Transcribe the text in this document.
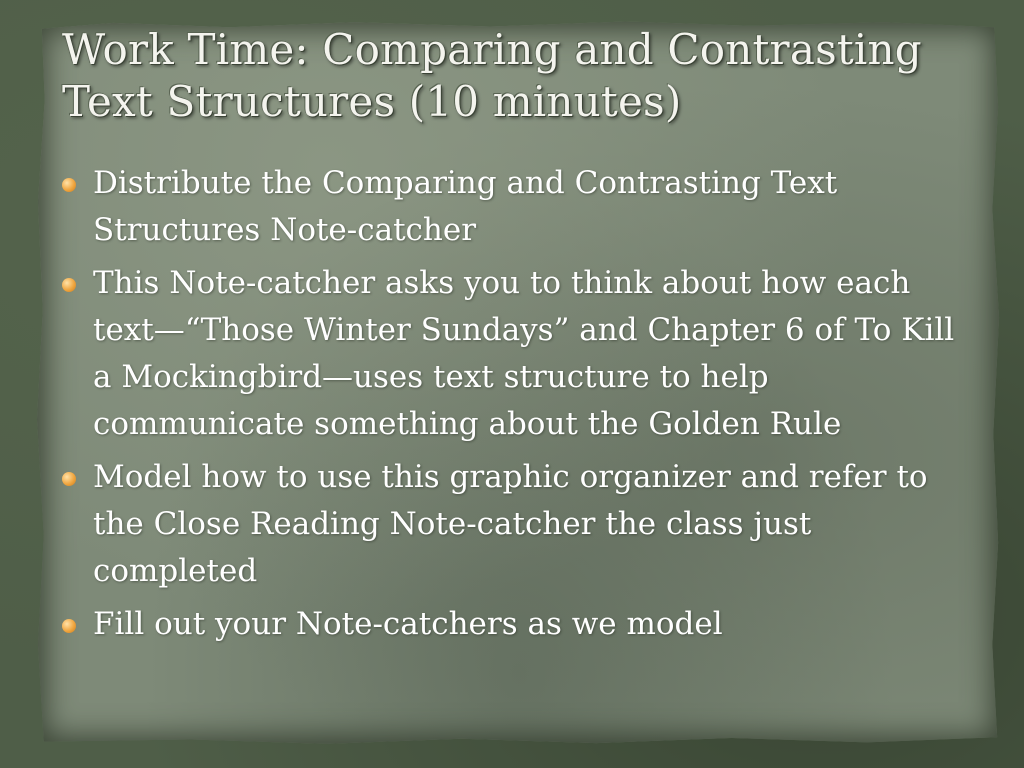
Work Time: Comparing and Contrasting
Text Structures (10 minutes)
Distribute the Comparing and Contrasting Text Structures Note-catcher
This Note-catcher asks you to think about how each text—“Those Winter Sundays” and Chapter 6 of To Kill a Mockingbird—uses text structure to help communicate something about the Golden Rule
Model how to use this graphic organizer and refer to the Close Reading Note-catcher the class just completed
Fill out your Note-catchers as we model
